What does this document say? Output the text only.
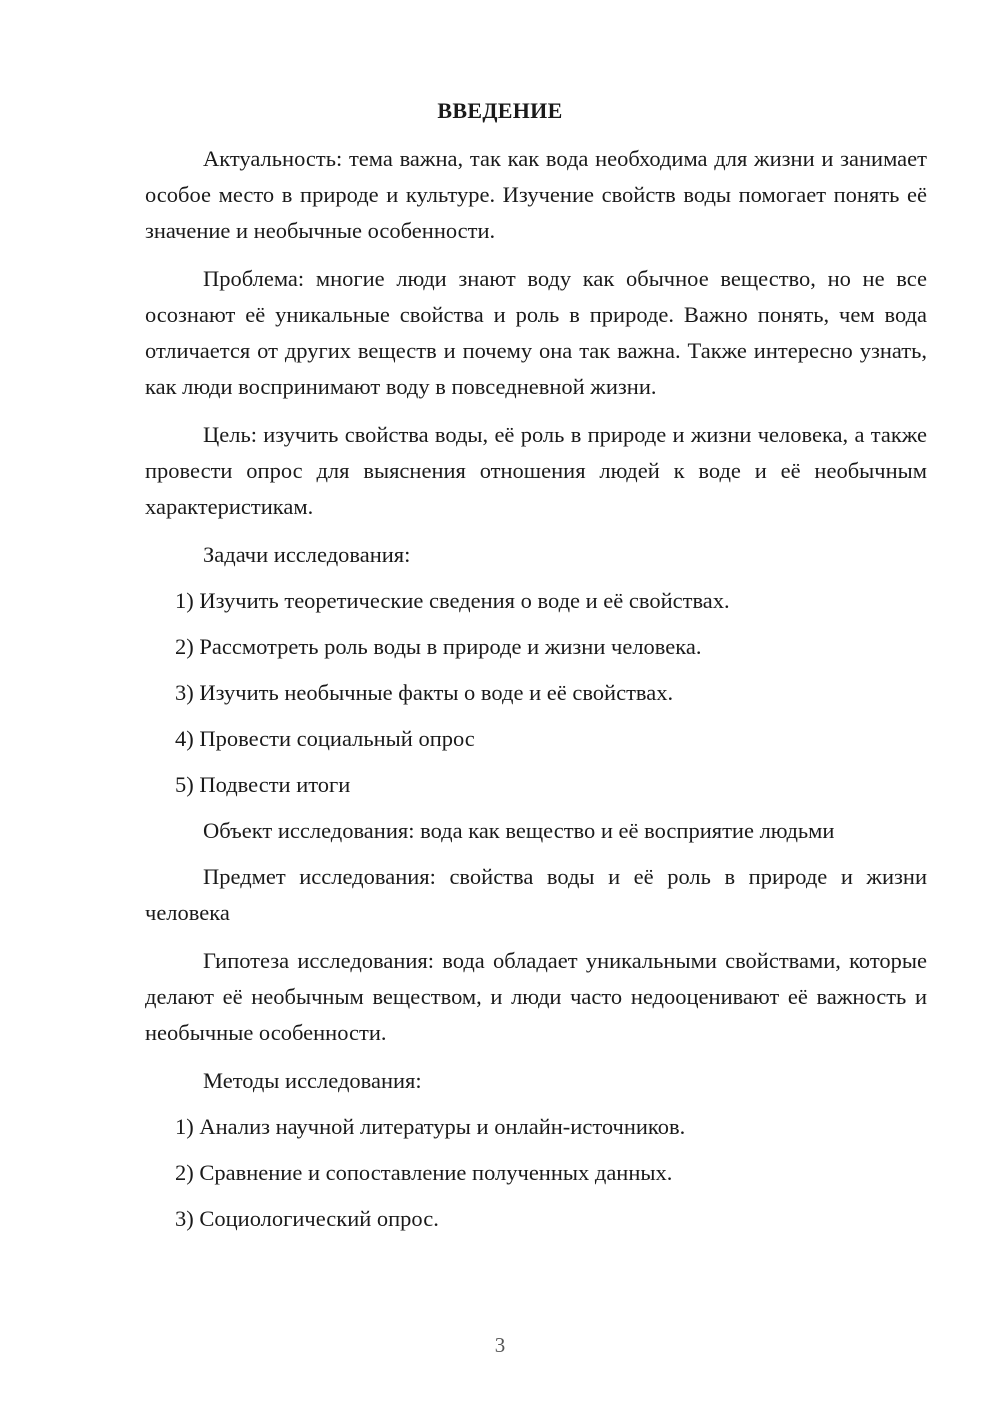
ВВЕДЕНИЕ

Актуальность: тема важна, так как вода необходима для жизни и занимает особое место в природе и культуре. Изучение свойств воды помогает понять её значение и необычные особенности.

Проблема: многие люди знают воду как обычное вещество, но не все осознают её уникальные свойства и роль в природе. Важно понять, чем вода отличается от других веществ и почему она так важна. Также интересно узнать, как люди воспринимают воду в повседневной жизни.

Цель: изучить свойства воды, её роль в природе и жизни человека, а также провести опрос для выяснения отношения людей к воде и её необычным характеристикам.

Задачи исследования:

1) Изучить теоретические сведения о воде и её свойствах.

2) Рассмотреть роль воды в природе и жизни человека.

3) Изучить необычные факты о воде и её свойствах.

4) Провести социальный опрос

5) Подвести итоги

Объект исследования: вода как вещество и её восприятие людьми

Предмет исследования: свойства воды и её роль в природе и жизни человека

Гипотеза исследования: вода обладает уникальными свойствами, которые делают её необычным веществом, и люди часто недооценивают её важность и необычные особенности.

Методы исследования:

1) Анализ научной литературы и онлайн-источников.

2) Сравнение и сопоставление полученных данных.

3) Социологический опрос.

3
